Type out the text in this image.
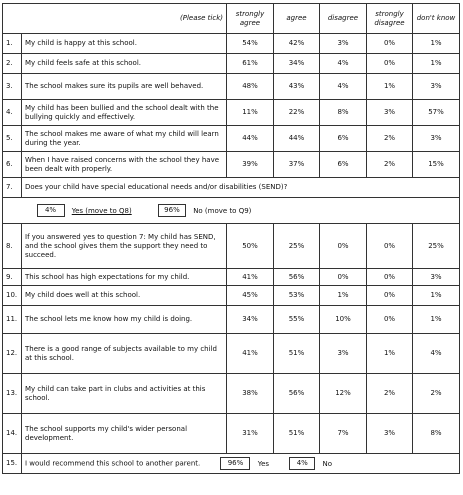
(Please tick)		strongly agree	agree	disagree	strongly disagree	don't know
1.	My child is happy at this school.	54%	42%	3%	0%	1%
2.	My child feels safe at this school.	61%	34%	4%	0%	1%
3.	The school makes sure its pupils are well behaved.	48%	43%	4%	1%	3%
4.	My child has been bullied and the school dealt with the bullying quickly and effectively.	11%	22%	8%	3%	57%
5.	The school makes me aware of what my child will learn during the year.	44%	44%	6%	2%	3%
6.	When I have raised concerns with the school they have been dealt with properly.	39%	37%	6%	2%	15%
7.	Does your child have special educational needs and/or disabilities (SEND)?					
	4% Yes (move to Q8) 96% No (move to Q9)					
8.	If you answered yes to question 7: My child has SEND, and the school gives them the support they need to succeed.	50%	25%	0%	0%	25%
9.	This school has high expectations for my child.	41%	56%	0%	0%	3%
10.	My child does well at this school.	45%	53%	1%	0%	1%
11.	The school lets me know how my child is doing.	34%	55%	10%	0%	1%
12.	There is a good range of subjects available to my child at this school.	41%	51%	3%	1%	4%
13.	My child can take part in clubs and activities at this school.	38%	56%	12%	2%	2%
14.	The school supports my child's wider personal development.	31%	51%	7%	3%	8%
15.	I would recommend this school to another parent. 96% Yes 4% No					
